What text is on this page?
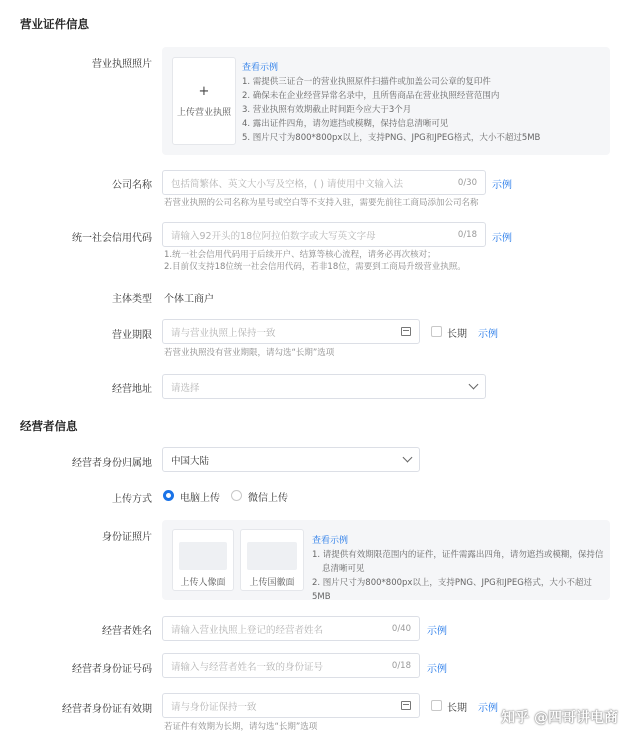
营业证件信息
营业执照照片
+
上传营业执照
查看示例
1. 需提供三证合一的营业执照原件扫描件或加盖公司公章的复印件
2. 确保未在企业经营异常名录中，且所售商品在营业执照经营范围内
3. 营业执照有效期截止时间距今应大于3个月
4. 露出证件四角，请勿遮挡或模糊，保持信息清晰可见
5. 图片尺寸为800*800px以上，支持PNG、JPG和JPEG格式，大小不超过5MB
公司名称 包括简繁体、英文大小写及空格，( ) 请使用中文输入法	0/30 示例
若营业执照的公司名称为星号或空白等不支持入驻，需要先前往工商局添加公司名称
统一社会信用代码 请输入92开头的18位阿拉伯数字或大写英文字母	0/18 示例
1.统一社会信用代码用于后续开户、结算等核心流程，请务必再次核对；
2.目前仅支持18位统一社会信用代码，若非18位，需要到工商局升级营业执照。
主体类型 个体工商户
营业期限 请与营业执照上保持一致	长期 示例
若营业执照没有营业期限，请勾选“长期”选项
经营地址 请选择
经营者信息
经营者身份归属地 中国大陆
上传方式	电脑上传	微信上传
身份证照片
上传人像面	上传国徽面
查看示例
1. 请提供有效期限范围内的证件，证件需露出四角，请勿遮挡或模糊，保持信
息清晰可见
2. 图片尺寸为800*800px以上，支持PNG、JPG和JPEG格式，大小不超过5MB
经营者姓名 请输入营业执照上登记的经营者姓名	0/40 示例
经营者身份证号码 请输入与经营者姓名一致的身份证号	0/18 示例
经营者身份证有效期 请与身份证保持一致	长期 示例
若证件有效期为长期，请勾选“长期”选项
知乎 @四哥讲电商
